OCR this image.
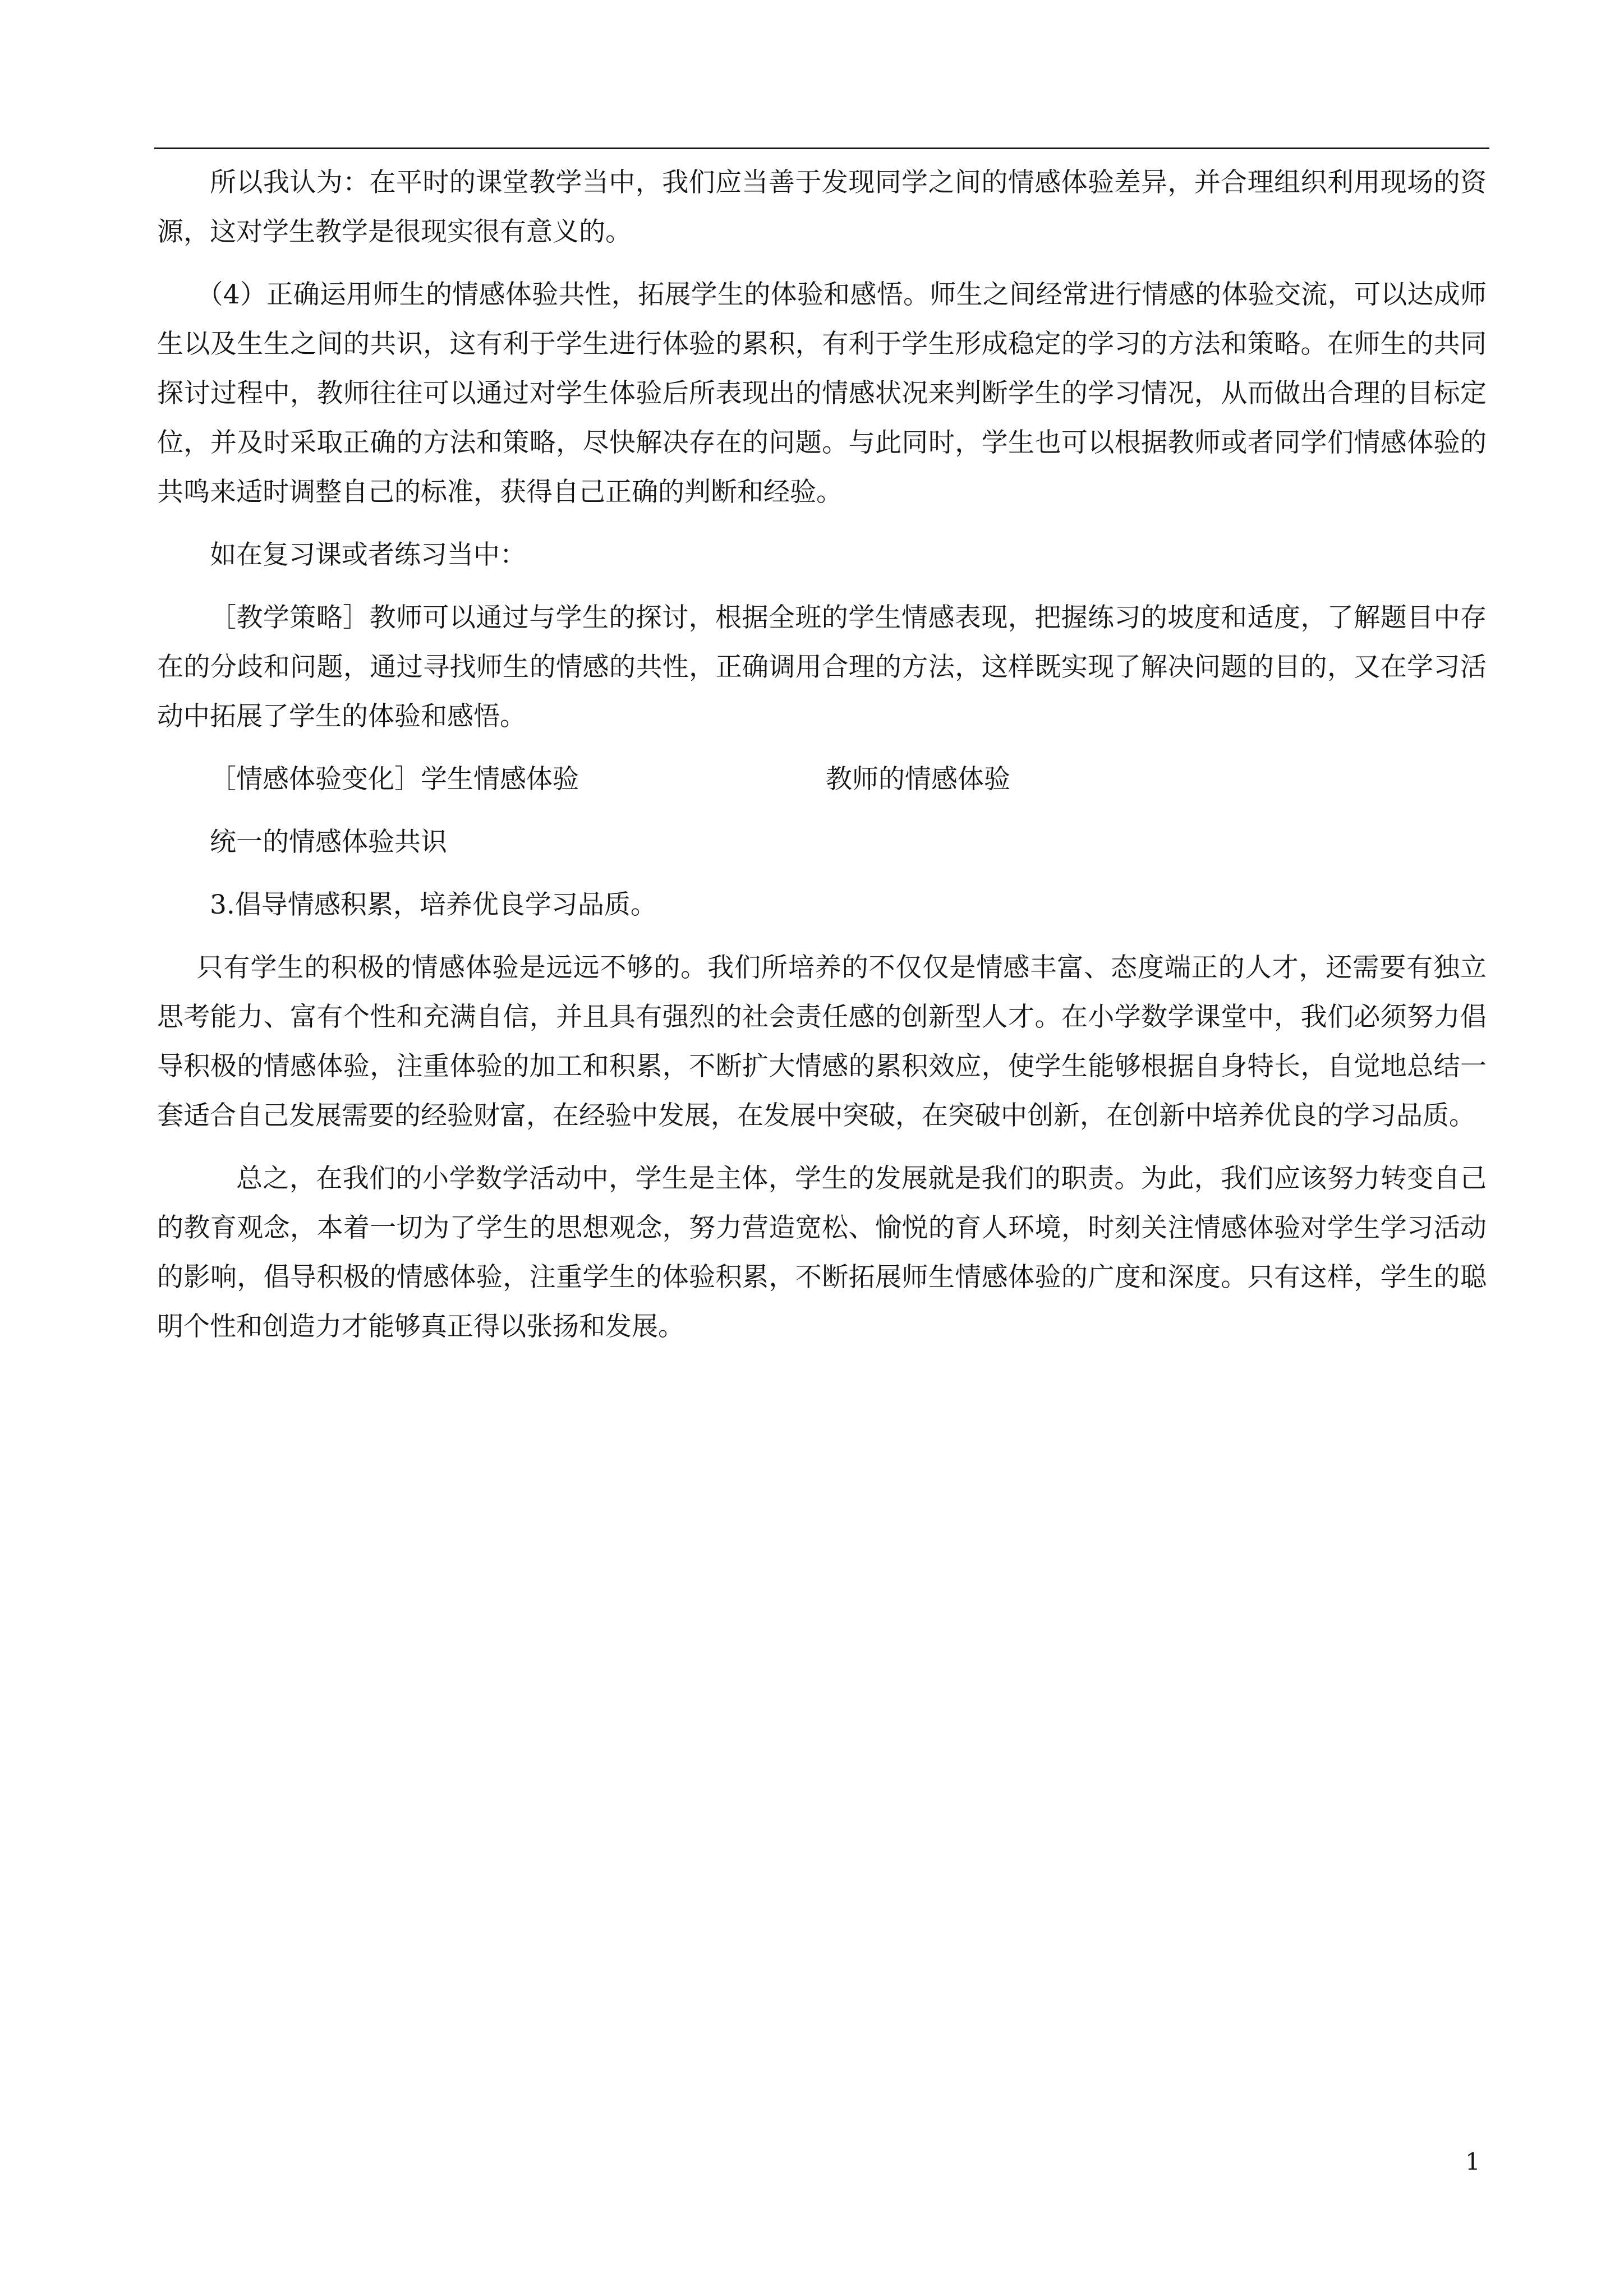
所以我认为：在平时的课堂教学当中，我们应当善于发现同学之间的情感体验差异，并合理组织利用现场的资源，这对学生教学是很现实很有意义的。

（4）正确运用师生的情感体验共性，拓展学生的体验和感悟。师生之间经常进行情感的体验交流，可以达成师生以及生生之间的共识，这有利于学生进行体验的累积，有利于学生形成稳定的学习的方法和策略。在师生的共同探讨过程中，教师往往可以通过对学生体验后所表现出的情感状况来判断学生的学习情况，从而做出合理的目标定位，并及时采取正确的方法和策略，尽快解决存在的问题。与此同时，学生也可以根据教师或者同学们情感体验的共鸣来适时调整自己的标准，获得自己正确的判断和经验。

如在复习课或者练习当中：

［教学策略］教师可以通过与学生的探讨，根据全班的学生情感表现，把握练习的坡度和适度，了解题目中存在的分歧和问题，通过寻找师生的情感的共性，正确调用合理的方法，这样既实现了解决问题的目的，又在学习活动中拓展了学生的体验和感悟。

［情感体验变化］学生情感体验	教师的情感体验
统一的情感体验共识
3.倡导情感积累，培养优良学习品质。

只有学生的积极的情感体验是远远不够的。我们所培养的不仅仅是情感丰富、态度端正的人才，还需要有独立思考能力、富有个性和充满自信，并且具有强烈的社会责任感的创新型人才。在小学数学课堂中，我们必须努力倡导积极的情感体验，注重体验的加工和积累，不断扩大情感的累积效应，使学生能够根据自身特长，自觉地总结一套适合自己发展需要的经验财富，在经验中发展，在发展中突破，在突破中创新，在创新中培养优良的学习品质。

总之，在我们的小学数学活动中，学生是主体，学生的发展就是我们的职责。为此，我们应该努力转变自己的教育观念，本着一切为了学生的思想观念，努力营造宽松、愉悦的育人环境，时刻关注情感体验对学生学习活动的影响，倡导积极的情感体验，注重学生的体验积累，不断拓展师生情感体验的广度和深度。只有这样，学生的聪明个性和创造力才能够真正得以张扬和发展。

1
